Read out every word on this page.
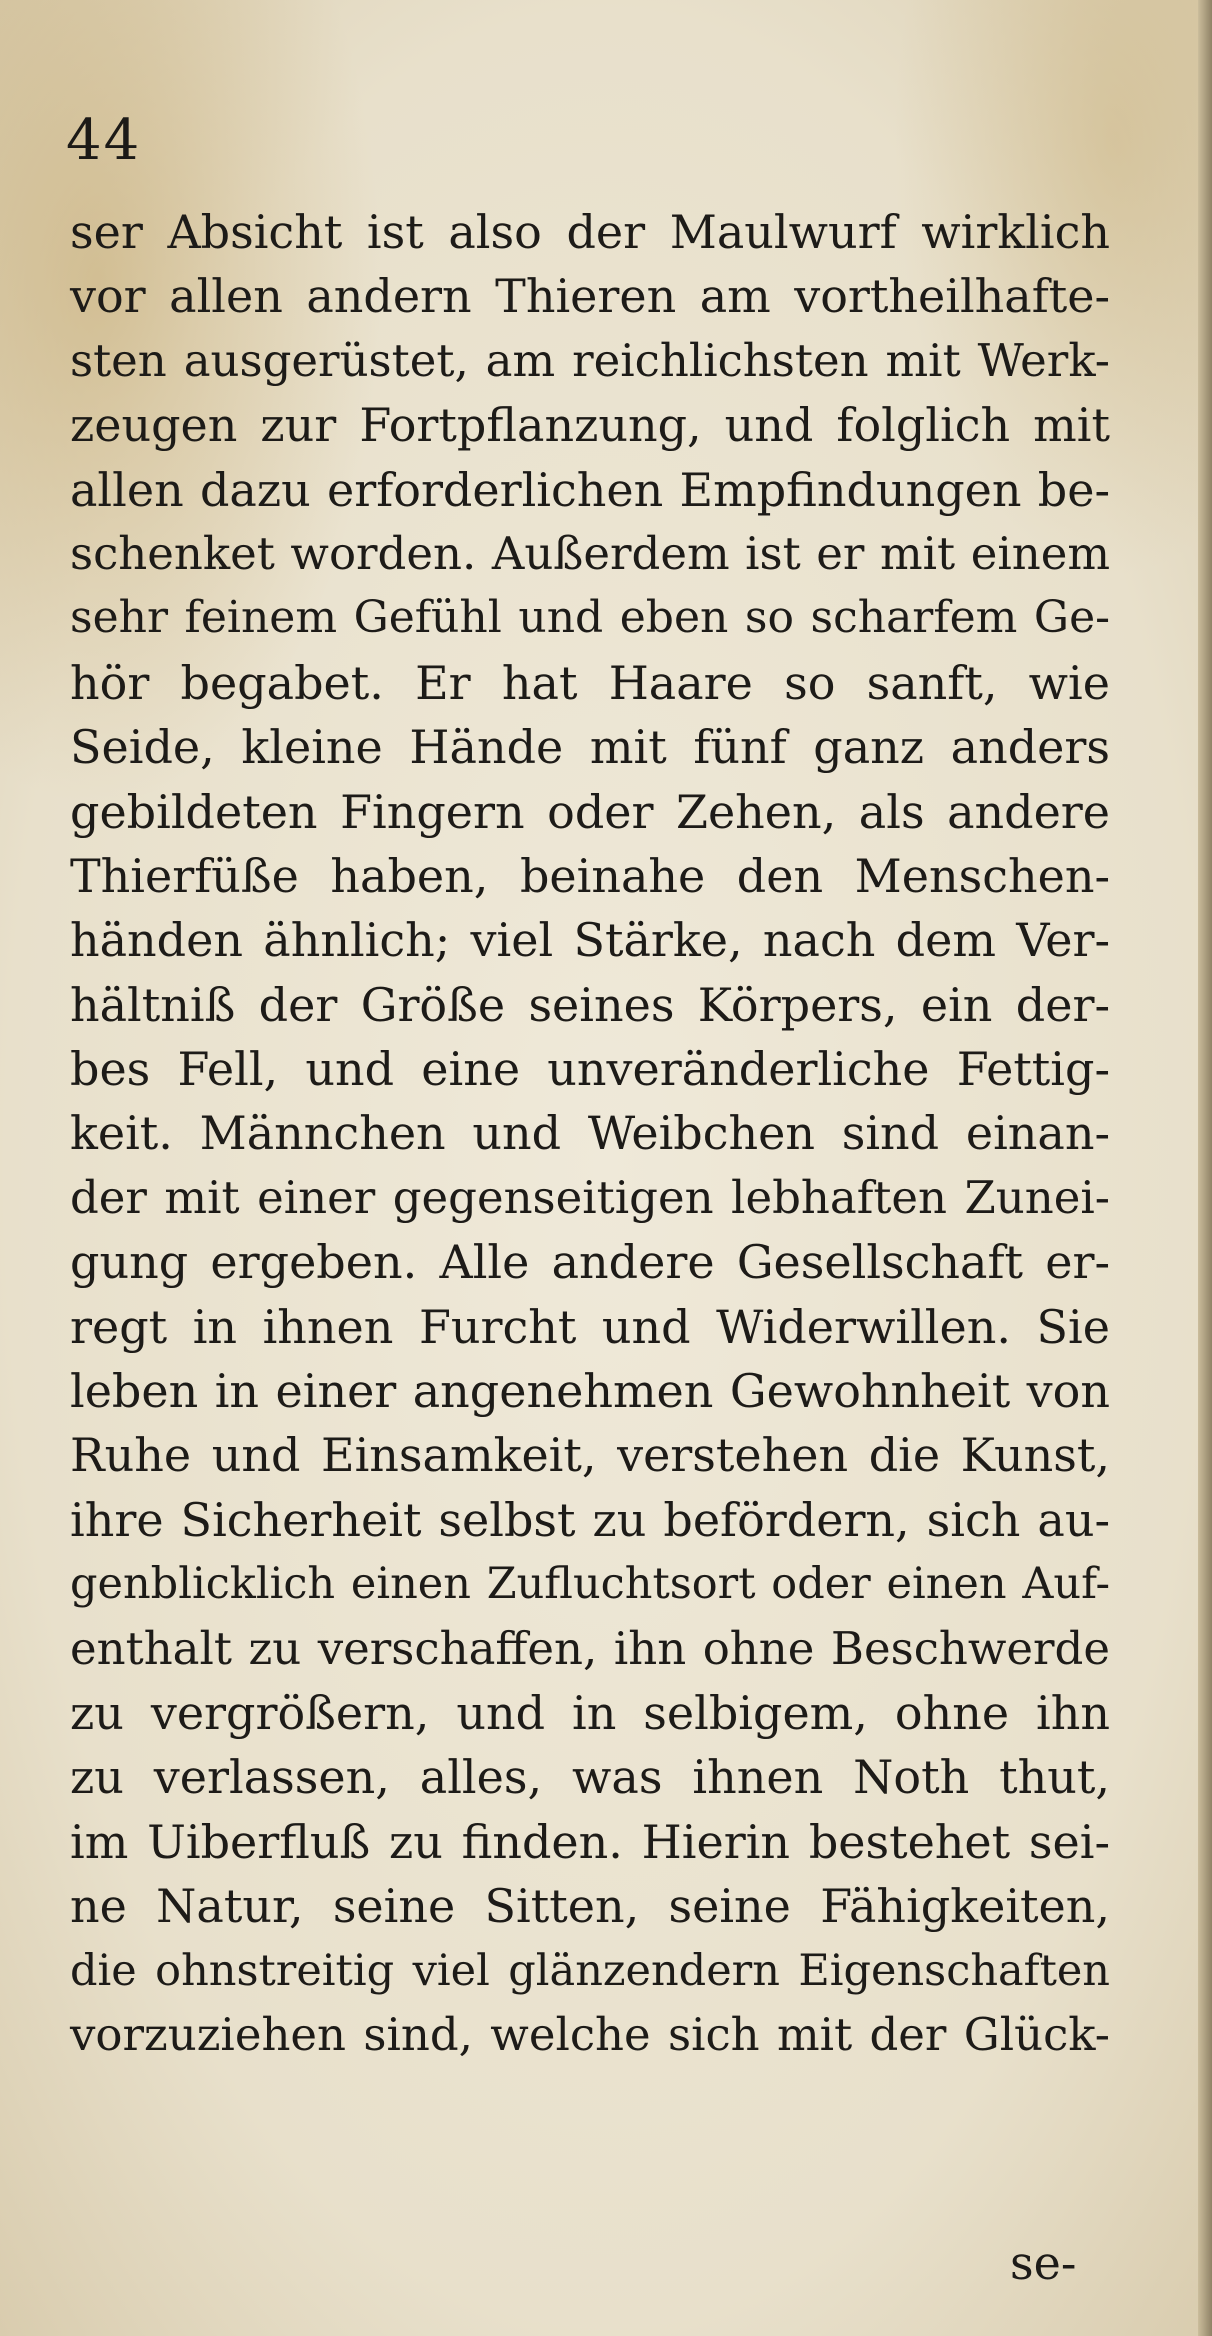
44
ser Absicht ist also der Maulwurf wirklich
vor allen andern Thieren am vortheilhafte-
sten ausgerüstet, am reichlichsten mit Werk-
zeugen zur Fortpflanzung, und folglich mit
allen dazu erforderlichen Empfindungen be-
schenket worden. Außerdem ist er mit einem
sehr feinem Gefühl und eben so scharfem Ge-
hör begabet. Er hat Haare so sanft, wie
Seide, kleine Hände mit fünf ganz anders
gebildeten Fingern oder Zehen, als andere
Thierfüße haben, beinahe den Menschen-
händen ähnlich; viel Stärke, nach dem Ver-
hältniß der Größe seines Körpers, ein der-
bes Fell, und eine unveränderliche Fettig-
keit. Männchen und Weibchen sind einan-
der mit einer gegenseitigen lebhaften Zunei-
gung ergeben. Alle andere Gesellschaft er-
regt in ihnen Furcht und Widerwillen. Sie
leben in einer angenehmen Gewohnheit von
Ruhe und Einsamkeit, verstehen die Kunst,
ihre Sicherheit selbst zu befördern, sich au-
genblicklich einen Zufluchtsort oder einen Auf-
enthalt zu verschaffen, ihn ohne Beschwerde
zu vergrößern, und in selbigem, ohne ihn
zu verlassen, alles, was ihnen Noth thut,
im Uiberfluß zu finden. Hierin bestehet sei-
ne Natur, seine Sitten, seine Fähigkeiten,
die ohnstreitig viel glänzendern Eigenschaften
vorzuziehen sind, welche sich mit der Glück-
se-
